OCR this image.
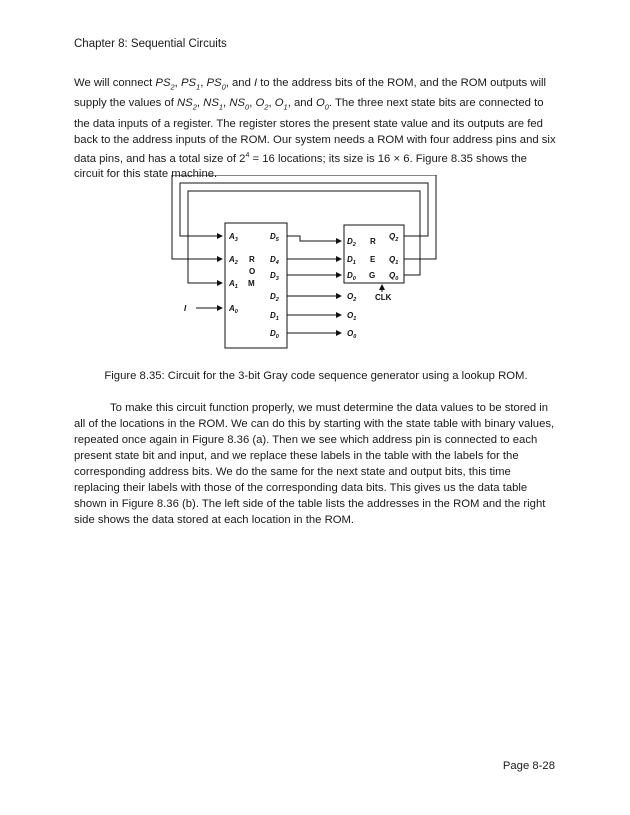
Chapter 8: Sequential Circuits

We will connect $PS_2$, $PS_1$, $PS_0$, and I to the address bits of the ROM, and the ROM outputs will supply the values of $NS_2$, $NS_1$, $NS_0$, $O_2$, $O_1$, and $O_0$. The three next state bits are connected to the data inputs of a register. The register stores the present state value and its outputs are fed back to the address inputs of the ROM. Our system needs a ROM with four address pins and six data pins, and has a total size of $2^4 = 16$ locations; its size is 16 × 6. Figure 8.35 shows the circuit for this state machine.

I
$A_3$
$A_2$
$A_1$
$A_0$
R
O
M
$D_5$
$D_4$
$D_3$
$D_2$
$D_1$
$D_0$
$D_2$
$D_1$
$D_0$
R
E
G
$Q_2$
$Q_1$
$Q_0$
CLK
$O_2$
$O_1$
$O_0$
Figure 8.35: Circuit for the 3-bit Gray code sequence generator using a lookup ROM.

To make this circuit function properly, we must determine the data values to be stored in all of the locations in the ROM. We can do this by starting with the state table with binary values, repeated once again in Figure 8.36 (a). Then we see which address pin is connected to each present state bit and input, and we replace these labels in the table with the labels for the corresponding address bits. We do the same for the next state and output bits, this time replacing their labels with those of the corresponding data bits. This gives us the data table shown in Figure 8.36 (b). The left side of the table lists the addresses in the ROM and the right side shows the data stored at each location in the ROM.

Page 8-28
